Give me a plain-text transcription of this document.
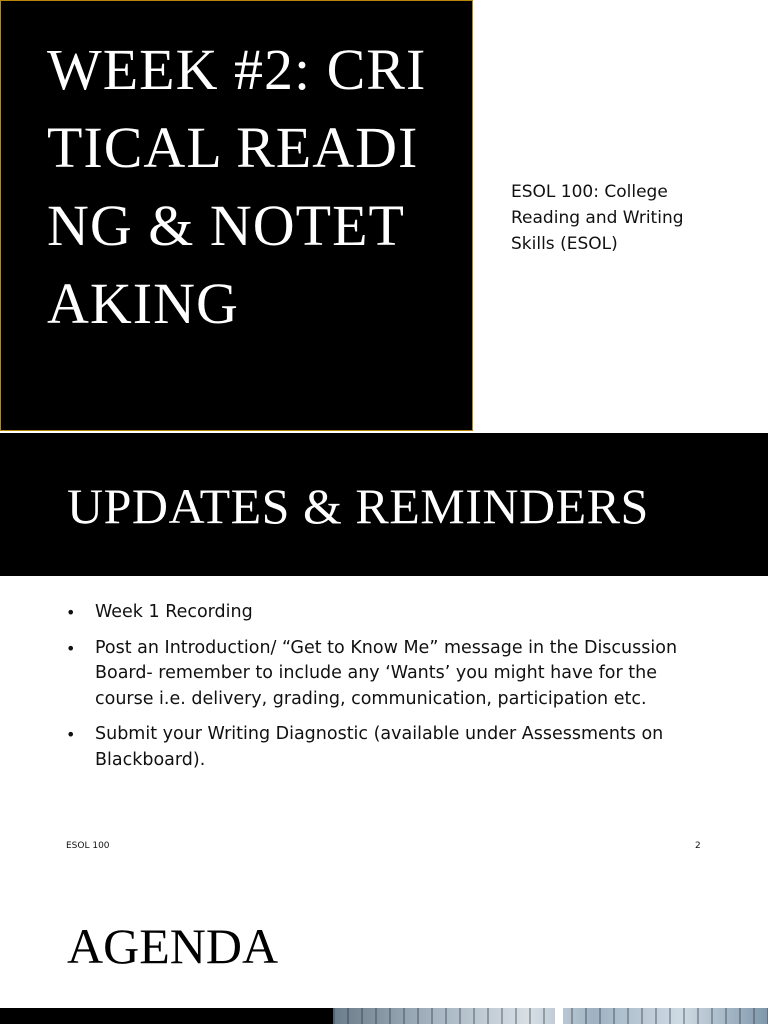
WEEK #2: CRITICAL READING & NOTETAKING
ESOL 100: College Reading and Writing Skills (ESOL)
UPDATES & REMINDERS
• Week 1 Recording
• Post an Introduction/ “Get to Know Me” message in the Discussion Board- remember to include any ‘Wants’ you might have for the course i.e. delivery, grading, communication, participation etc.
• Submit your Writing Diagnostic (available under Assessments on Blackboard).
ESOL 100	2
AGENDA
